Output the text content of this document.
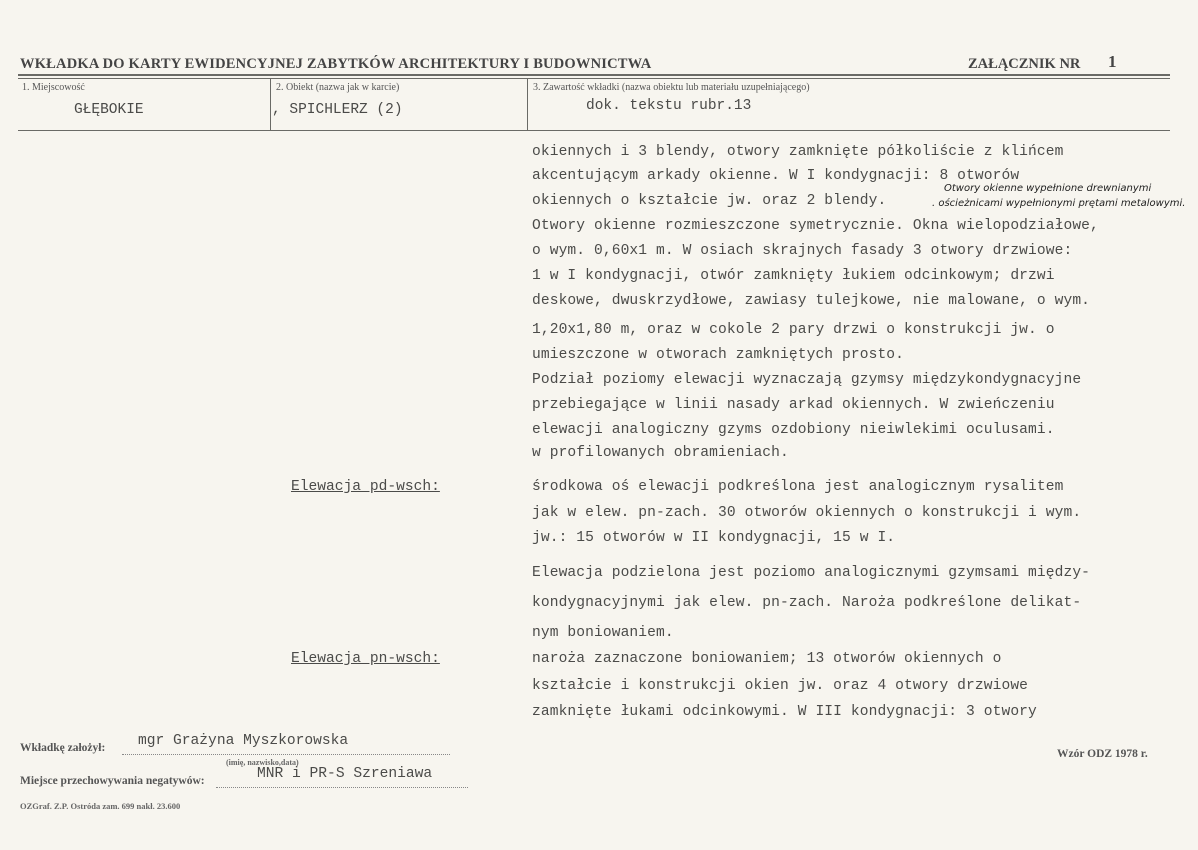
WKŁADKA DO KARTY EWIDENCYJNEJ ZABYTKÓW ARCHITEKTURY I BUDOWNICTWA	ZAŁĄCZNIK NR 1
1. Miejscowość
GŁĘBOKIE
2. Obiekt (nazwa jak w karcie)
, SPICHLERZ (2)
3. Zawartość wkładki (nazwa obiektu lub materiału uzupełniającego)
dok. tekstu rubr.13
okiennych i 3 blendy, otwory zamknięte półkoliście z klińcem
akcentującym arkady okienne. W I kondygnacji: 8 otworów
okiennych o kształcie jw. oraz 2 blendy.
Otwory okienne wypełnione drewnianymi
. ościeżnicami wypełnionymi prętami metalowymi.
Otwory okienne rozmieszczone symetrycznie. Okna wielopodziałowe,
o wym. 0,60x1 m. W osiach skrajnych fasady 3 otwory drzwiowe:
1 w I kondygnacji, otwór zamknięty łukiem odcinkowym; drzwi
deskowe, dwuskrzydłowe, zawiasy tulejkowe, nie malowane, o wym.
1,20x1,80 m, oraz w cokole 2 pary drzwi o konstrukcji jw. o
umieszczone w otworach zamkniętych prosto.
Podział poziomy elewacji wyznaczają gzymsy międzykondygnacyjne
przebiegające w linii nasady arkad okiennych. W zwieńczeniu
elewacji analogiczny gzyms ozdobiony nieiwlekimi oculusami.
w profilowanych obramieniach.
Elewacja pd-wsch:	środkowa oś elewacji podkreślona jest analogicznym rysalitem
jak w elew. pn-zach. 30 otworów okiennych o konstrukcji i wym.
jw.: 15 otworów w II kondygnacji, 15 w I.
Elewacja podzielona jest poziomo analogicznymi gzymsami między-
kondygnacyjnymi jak elew. pn-zach. Naroża podkreślone delikat-
nym boniowaniem.
Elewacja pn-wsch:	naroża zaznaczone boniowaniem; 13 otworów okiennych o
kształcie i konstrukcji okien jw. oraz 4 otwory drzwiowe
zamknięte łukami odcinkowymi. W III kondygnacji: 3 otwory
Wkładkę założył: mgr Grażyna Myszkorowska
(imię, nazwisko,data)
Miejsce przechowywania negatywów:	MNR i PR-S Szreniawa
Wzór ODZ 1978 r.
OZGraf. Z.P. Ostróda zam. 699 nakł. 23.600
